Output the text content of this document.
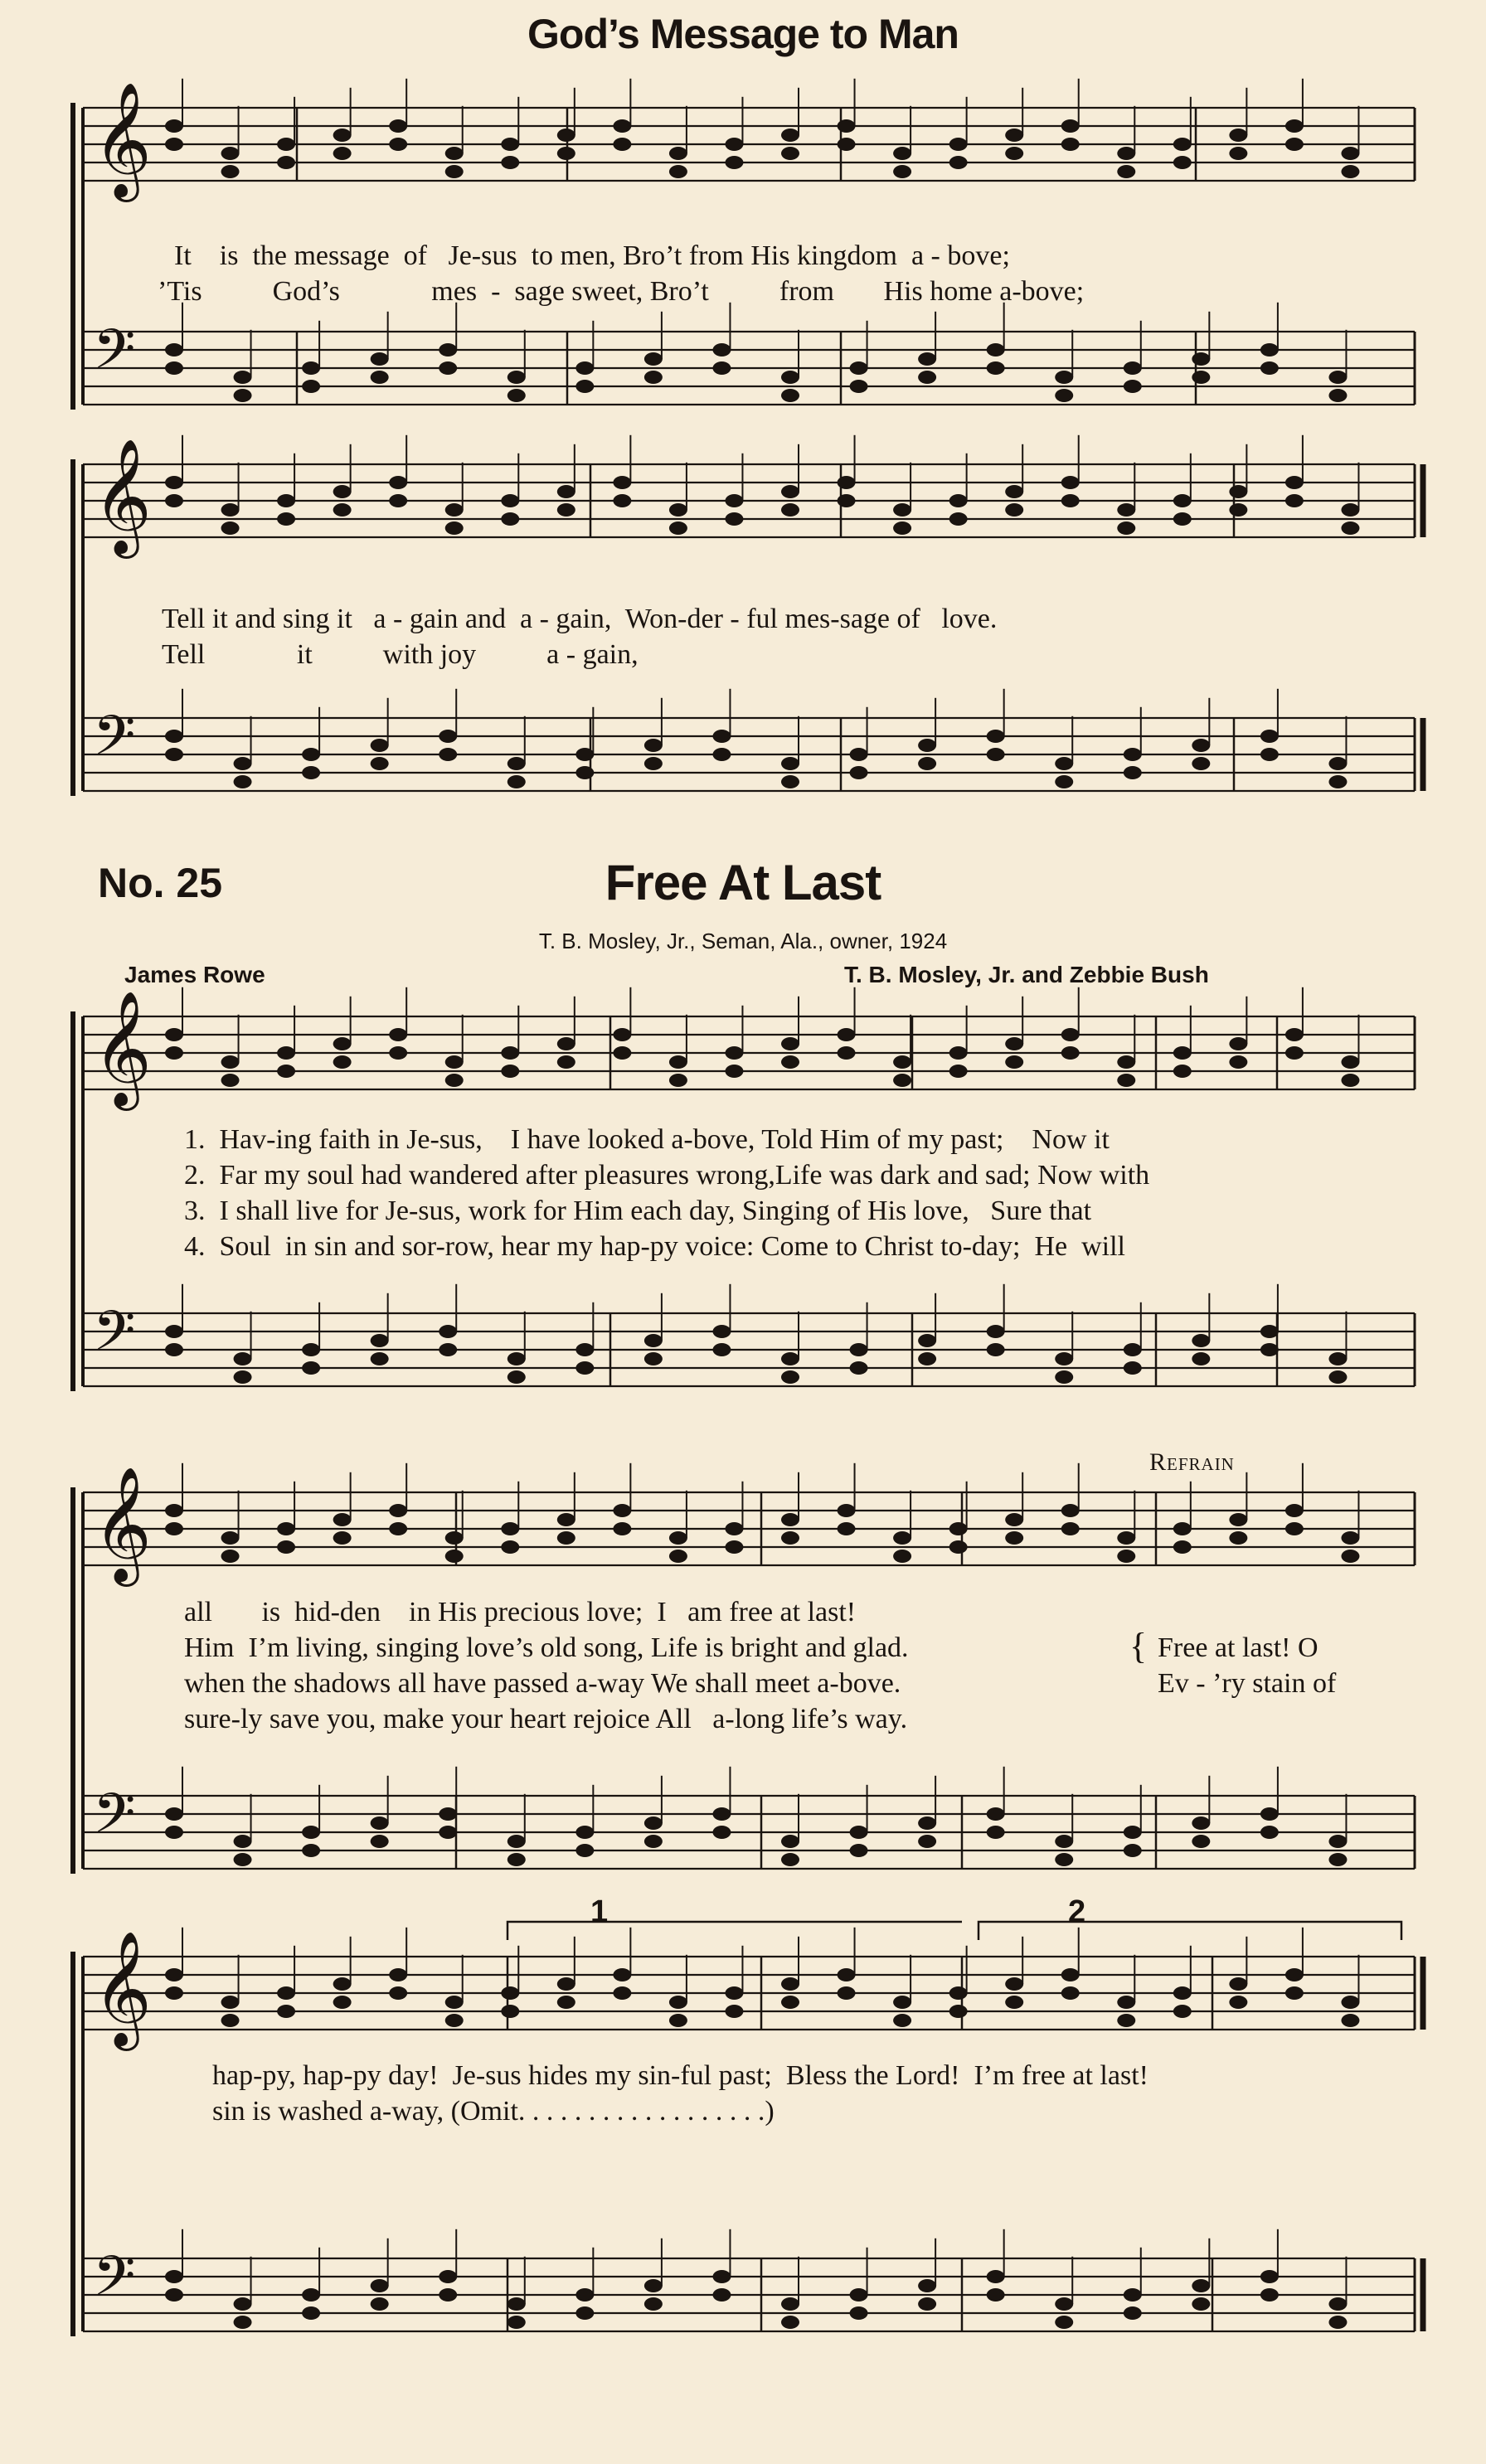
God’s Message to Man
No. 25	Free At Last
T. B. Mosley, Jr., Seman, Ala., owner, 1924
James Rowe	T. B. Mosley, Jr. and Zebbie Bush
𝄞
𝄢
𝄞
𝄢
𝄞
𝄢
𝄞
𝄢
𝄞
𝄢
It    is  the message  of   Je-sus  to men, Bro’t from His kingdom  a - bove;
’Tis          God’s             mes  -  sage sweet, Bro’t          from       His home a-bove;
Tell it and sing it   a - gain and  a - gain,  Won-der - ful mes-sage of   love.
Tell             it          with joy          a - gain,
1.  Hav-ing faith in Je-sus,    I have looked a-bove, Told Him of my past;    Now it
2.  Far my soul had wandered after pleasures wrong,Life was dark and sad; Now with
3.  I shall live for Je-sus, work for Him each day, Singing of His love,   Sure that
4.  Soul  in sin and sor-row, hear my hap-py voice: Come to Christ to-day;  He  will
all       is  hid-den    in His precious love;  I   am free at last!
Him  I’m living, singing love’s old song, Life is bright and glad.
when the shadows all have passed a-way We shall meet a-bove.
sure-ly save you, make your heart rejoice All   a-long life’s way.
{ Free at last! O
Ev - ’ry stain of
Refrain
1	2
hap-py, hap-py day!  Je-sus hides my sin-ful past;  Bless the Lord!  I’m free at last!
sin is washed a-way, (Omit. . . . . . . . . . . . . . . . . .)
